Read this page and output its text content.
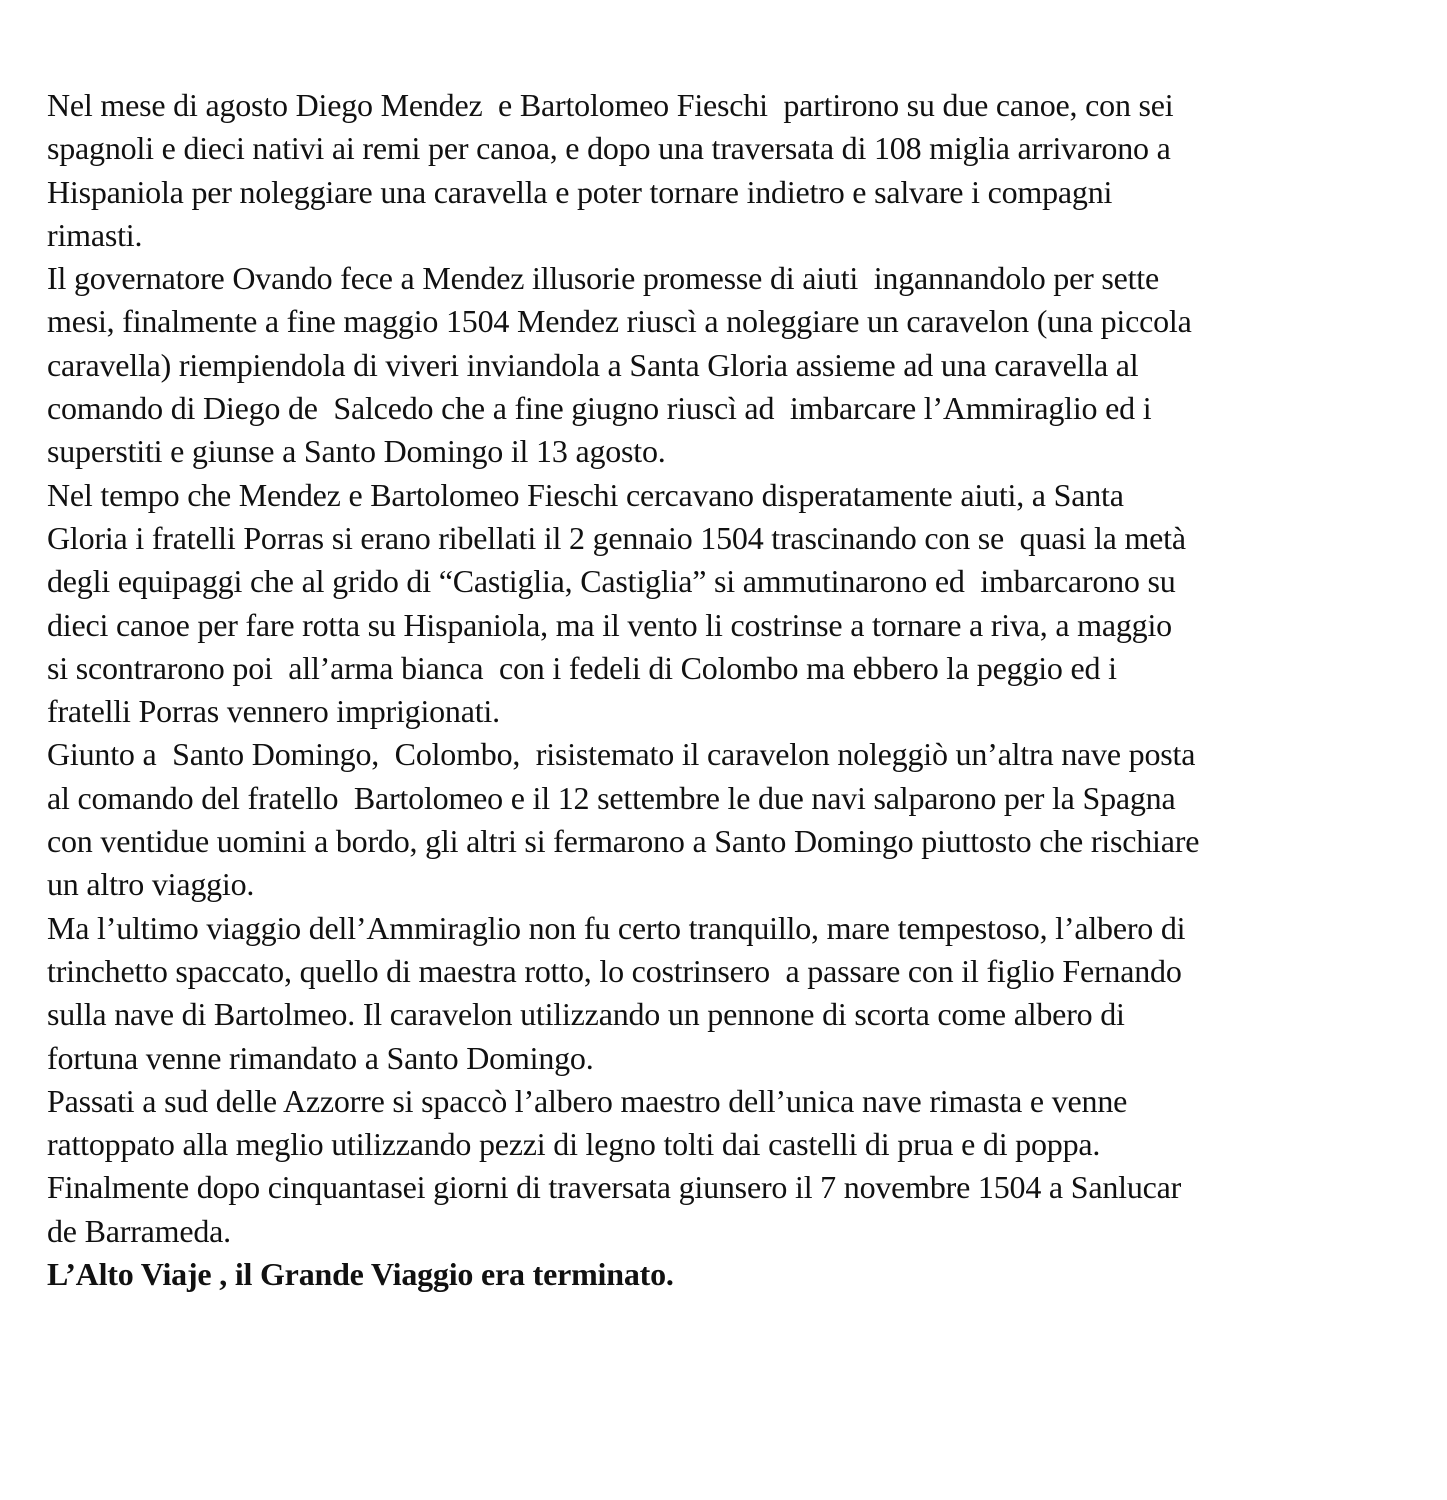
Nel mese di agosto Diego Mendez  e Bartolomeo Fieschi  partirono su due canoe, con sei
spagnoli e dieci nativi ai remi per canoa, e dopo una traversata di 108 miglia arrivarono a
Hispaniola per noleggiare una caravella e poter tornare indietro e salvare i compagni
rimasti.
Il governatore Ovando fece a Mendez illusorie promesse di aiuti  ingannandolo per sette
mesi, finalmente a fine maggio 1504 Mendez riuscì a noleggiare un caravelon (una piccola
caravella) riempiendola di viveri inviandola a Santa Gloria assieme ad una caravella al
comando di Diego de  Salcedo che a fine giugno riuscì ad  imbarcare l’Ammiraglio ed i
superstiti e giunse a Santo Domingo il 13 agosto.
Nel tempo che Mendez e Bartolomeo Fieschi cercavano disperatamente aiuti, a Santa
Gloria i fratelli Porras si erano ribellati il 2 gennaio 1504 trascinando con se  quasi la metà
degli equipaggi che al grido di “Castiglia, Castiglia” si ammutinarono ed  imbarcarono su
dieci canoe per fare rotta su Hispaniola, ma il vento li costrinse a tornare a riva, a maggio
si scontrarono poi  all’arma bianca  con i fedeli di Colombo ma ebbero la peggio ed i
fratelli Porras vennero imprigionati.
Giunto a  Santo Domingo,  Colombo,  risistemato il caravelon noleggiò un’altra nave posta
al comando del fratello  Bartolomeo e il 12 settembre le due navi salparono per la Spagna
con ventidue uomini a bordo, gli altri si fermarono a Santo Domingo piuttosto che rischiare
un altro viaggio.
Ma l’ultimo viaggio dell’Ammiraglio non fu certo tranquillo, mare tempestoso, l’albero di
trinchetto spaccato, quello di maestra rotto, lo costrinsero  a passare con il figlio Fernando
sulla nave di Bartolmeo. Il caravelon utilizzando un pennone di scorta come albero di
fortuna venne rimandato a Santo Domingo.
Passati a sud delle Azzorre si spaccò l’albero maestro dell’unica nave rimasta e venne
rattoppato alla meglio utilizzando pezzi di legno tolti dai castelli di prua e di poppa.
Finalmente dopo cinquantasei giorni di traversata giunsero il 7 novembre 1504 a Sanlucar
de Barrameda.
L’Alto Viaje , il Grande Viaggio era terminato.
